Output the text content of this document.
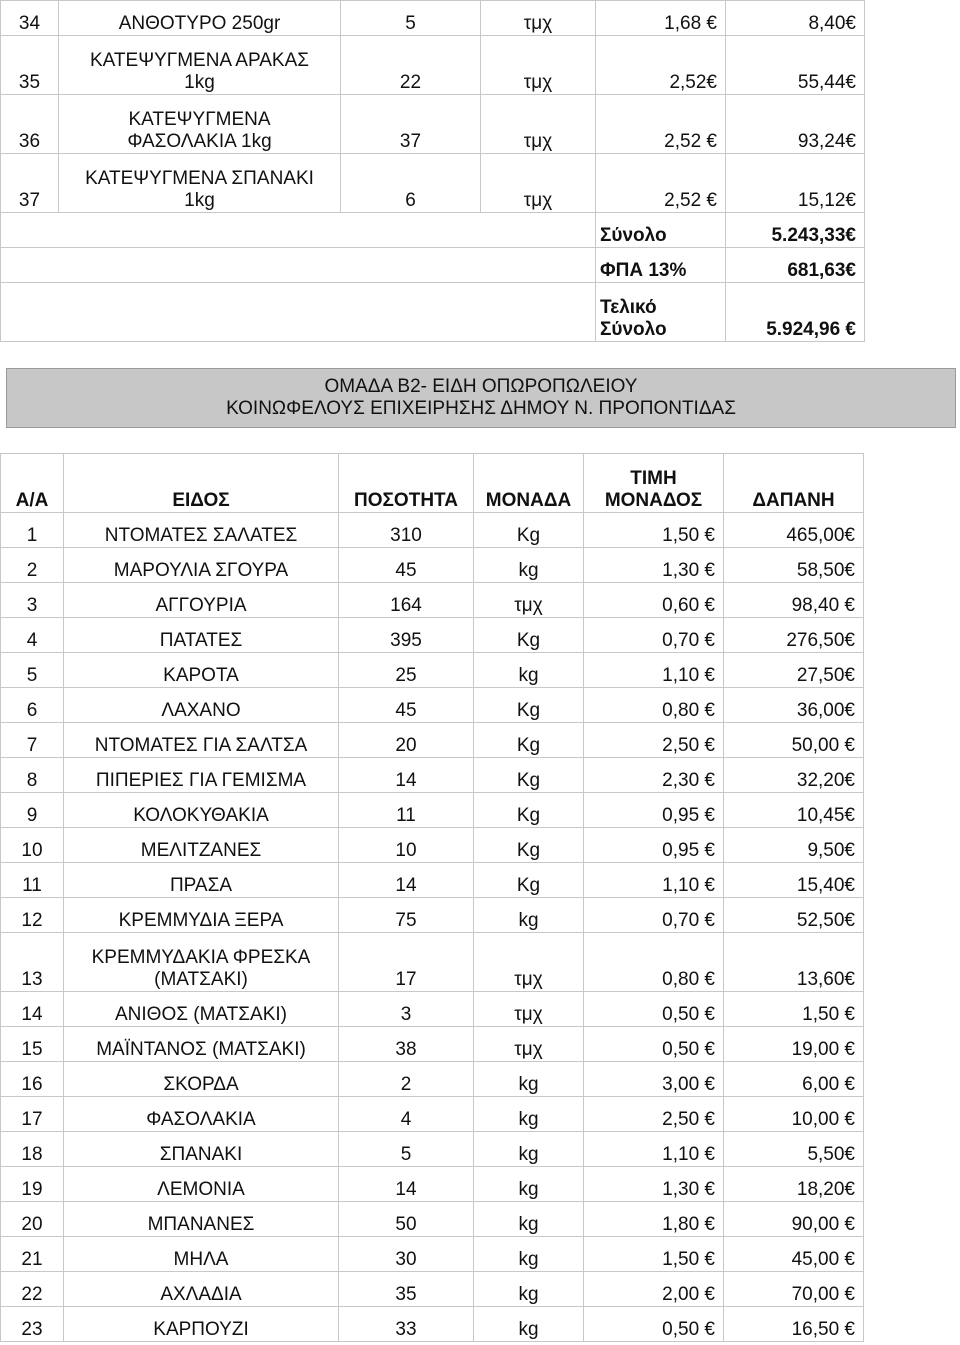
34	ΑΝΘΟΤΥΡΟ 250gr	5	τμχ	1,68 €	8,40€
35	ΚΑΤΕΨΥΓΜΕΝΑ ΑΡΑΚΑΣ
1kg	22	τμχ	2,52€	55,44€
36	ΚΑΤΕΨΥΓΜΕΝΑ
ΦΑΣΟΛΑΚΙΑ 1kg	37	τμχ	2,52 €	93,24€
37	ΚΑΤΕΨΥΓΜΕΝΑ ΣΠΑΝΑΚΙ
1kg	6	τμχ	2,52 €	15,12€

				Σύνολο	5.243,33€

				ΦΠΑ 13%	681,63€

				Τελικό
Σύνολο	5.924,96 €
ΟΜΑΔΑ Β2- ΕΙΔΗ ΟΠΩΡΟΠΩΛΕΙΟΥ
ΚΟΙΝΩΦΕΛΟΥΣ ΕΠΙΧΕΙΡΗΣΗΣ ΔΗΜΟΥ Ν. ΠΡΟΠΟΝΤΙΔΑΣ
Α/Α	ΕΙΔΟΣ	ΠΟΣΟΤΗΤΑ	ΜΟΝΑΔΑ	ΤΙΜΗ
ΜΟΝΑΔΟΣ	ΔΑΠΑΝΗ
1	ΝΤΟΜΑΤΕΣ ΣΑΛΑΤΕΣ	310	Kg	1,50 €	465,00€
2	ΜΑΡΟΥΛΙΑ ΣΓΟΥΡΑ	45	kg	1,30 €	58,50€
3	ΑΓΓΟΥΡΙΑ	164	τμχ	0,60 €	98,40 €
4	ΠΑΤΑΤΕΣ	395	Kg	0,70 €	276,50€
5	ΚΑΡΟΤΑ	25	kg	1,10 €	27,50€
6	ΛΑΧΑΝΟ	45	Kg	0,80 €	36,00€
7	ΝΤΟΜΑΤΕΣ ΓΙΑ ΣΑΛΤΣΑ	20	Kg	2,50 €	50,00 €
8	ΠΙΠΕΡΙΕΣ ΓΙΑ ΓΕΜΙΣΜΑ	14	Kg	2,30 €	32,20€
9	ΚΟΛΟΚΥΘΑΚΙΑ	11	Kg	0,95 €	10,45€
10	ΜΕΛΙΤΖΑΝΕΣ	10	Kg	0,95 €	9,50€
11	ΠΡΑΣΑ	14	Kg	1,10 €	15,40€
12	ΚΡΕΜΜΥΔΙΑ ΞΕΡΑ	75	kg	0,70 €	52,50€
13	ΚΡΕΜΜΥΔΑΚΙΑ ΦΡΕΣΚΑ
(ΜΑΤΣΑΚΙ)	17	τμχ	0,80 €	13,60€
14	ΑΝΙΘΟΣ (ΜΑΤΣΑΚΙ)	3	τμχ	0,50 €	1,50 €
15	ΜΑΪΝΤΑΝΟΣ (ΜΑΤΣΑΚΙ)	38	τμχ	0,50 €	19,00 €
16	ΣΚΟΡΔΑ	2	kg	3,00 €	6,00 €
17	ΦΑΣΟΛΑΚΙΑ	4	kg	2,50 €	10,00 €
18	ΣΠΑΝΑΚΙ	5	kg	1,10 €	5,50€
19	ΛΕΜΟΝΙΑ	14	kg	1,30 €	18,20€
20	ΜΠΑΝΑΝΕΣ	50	kg	1,80 €	90,00 €
21	ΜΗΛΑ	30	kg	1,50 €	45,00 €
22	ΑΧΛΑΔΙΑ	35	kg	2,00 €	70,00 €
23	ΚΑΡΠΟΥΖΙ	33	kg	0,50 €	16,50 €
